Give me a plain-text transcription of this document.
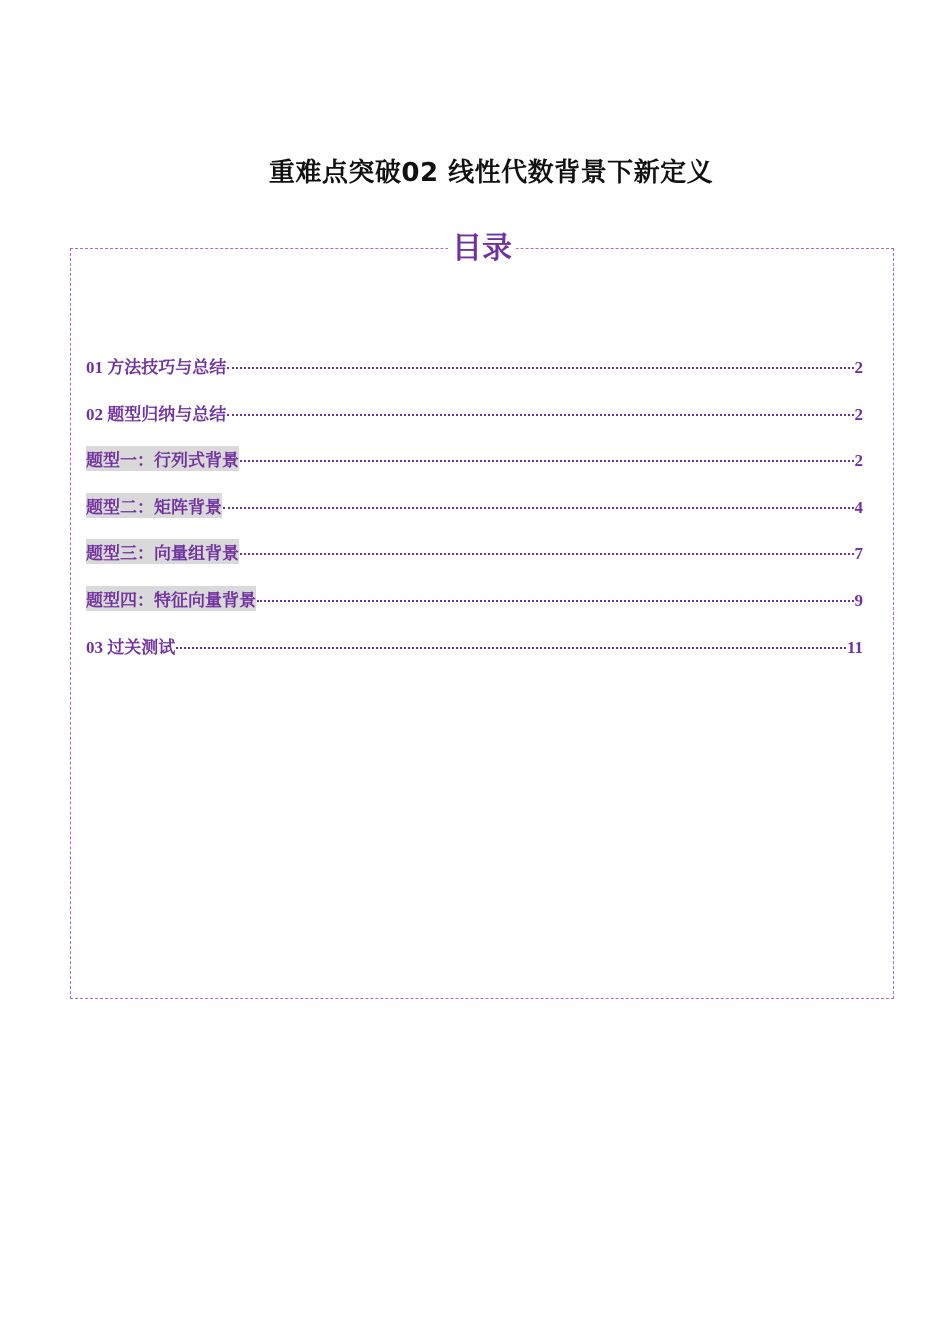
重难点突破02 线性代数背景下新定义
目录
01 方法技巧与总结	2
02 题型归纳与总结	2
题型一：行列式背景	2
题型二：矩阵背景	4
题型三：向量组背景	7
题型四：特征向量背景	9
03 过关测试	11
